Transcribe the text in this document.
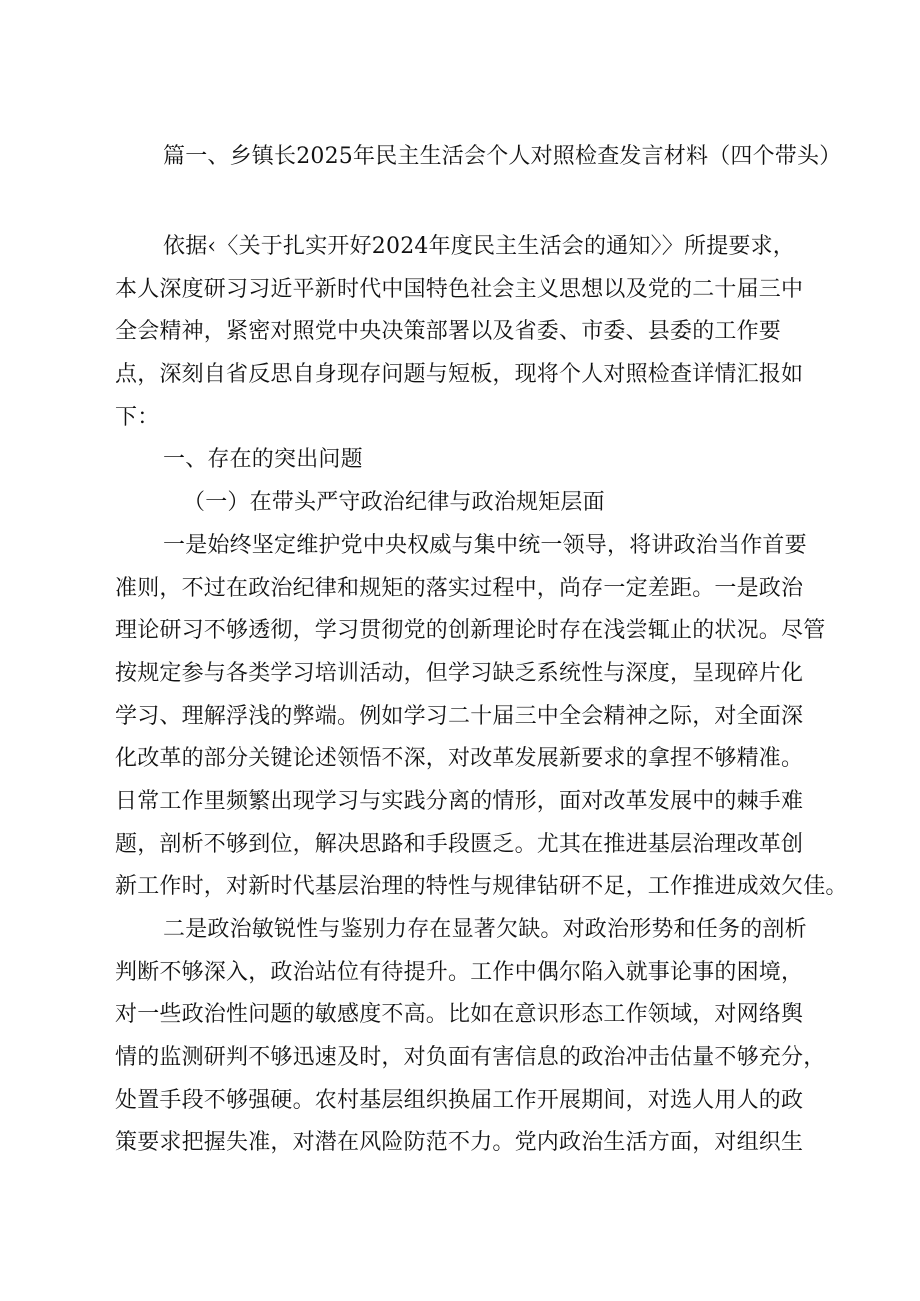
篇一、乡镇长2025年民主生活会个人对照检查发言材料（四个带头）
依据‹〈关于扎实开好2024年度民主生活会的通知〉〉所提要求，
本人深度研习习近平新时代中国特色社会主义思想以及党的二十届三中
全会精神，紧密对照党中央决策部署以及省委、市委、县委的工作要
点，深刻自省反思自身现存问题与短板，现将个人对照检查详情汇报如
下：
一、存在的突出问题
（一）在带头严守政治纪律与政治规矩层面
一是始终坚定维护党中央权威与集中统一领导，将讲政治当作首要
准则，不过在政治纪律和规矩的落实过程中，尚存一定差距。一是政治
理论研习不够透彻，学习贯彻党的创新理论时存在浅尝辄止的状况。尽管
按规定参与各类学习培训活动，但学习缺乏系统性与深度，呈现碎片化
学习、理解浮浅的弊端。例如学习二十届三中全会精神之际，对全面深
化改革的部分关键论述领悟不深，对改革发展新要求的拿捏不够精准。
日常工作里频繁出现学习与实践分离的情形，面对改革发展中的棘手难
题，剖析不够到位，解决思路和手段匮乏。尤其在推进基层治理改革创
新工作时，对新时代基层治理的特性与规律钻研不足，工作推进成效欠佳。
二是政治敏锐性与鉴别力存在显著欠缺。对政治形势和任务的剖析
判断不够深入，政治站位有待提升。工作中偶尔陷入就事论事的困境，
对一些政治性问题的敏感度不高。比如在意识形态工作领域，对网络舆
情的监测研判不够迅速及时，对负面有害信息的政治冲击估量不够充分，
处置手段不够强硬。农村基层组织换届工作开展期间，对选人用人的政
策要求把握失准，对潜在风险防范不力。党内政治生活方面，对组织生
